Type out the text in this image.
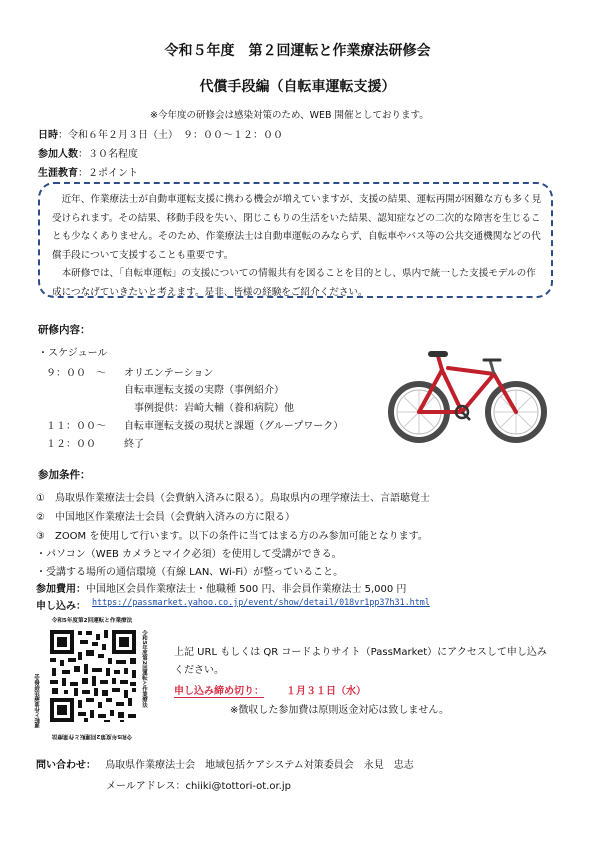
令和５年度　第２回運転と作業療法研修会
代償手段編（自転車運転支援）
※今年度の研修会は感染対策のため、WEB 開催としております。
日時：令和６年２月３日（土）　９：００～１２：００
参加人数：３０名程度
生涯教育：２ポイント
近年、作業療法士が自動車運転支援に携わる機会が増えていますが、支援の結果、運転再開が困難な方も多く見受けられます。その結果、移動手段を失い、閉じこもりの生活をいた結果、認知症などの二次的な障害を生じることも少なくありません。そのため、作業療法士は自動車運転のみならず、自転車やバス等の公共交通機関などの代償手段について支援することも重要です。
本研修では、「自転車運転」の支援についての情報共有を図ることを目的とし、県内で統一した支援モデルの作成につなげていきたいと考えます。是非、皆様の経験をご紹介ください。
研修内容：
・スケジュール
９：００　～ オリエンテーション
自転車運転支援の実際（事例紹介）
事例提供：岩崎大輔（養和病院）他
１１：００～ 自転車運転支援の現状と課題（グループワーク）
１２：００	終了
参加条件：
①　鳥取県作業療法士会員（会費納入済みに限る）。鳥取県内の理学療法士、言語聴覚士
②　中国地区作業療法士会員（会費納入済みの方に限る）
③　ZOOM を使用して行います。以下の条件に当てはまる方のみ参加可能となります。
・パソコン（WEB カメラとマイク必須）を使用して受講ができる。
・受講する場所の通信環境（有線 LAN、Wi-Fi）が整っていること。
参加費用：中国地区会員作業療法士・他職種 500 円、非会員作業療法士 5,000 円
申し込み： https://passmarket.yahoo.co.jp/event/show/detail/018vr1pp37h31.html
令和5年度第2回運転と作業療法
令和5年度第2回運転と作業療法
運転と作業療法研修会
令和5年度第2回運転と作業療法
上記 URL もしくは QR コードよりサイト（PassMarket）にアクセスして申し込みください。
申し込み締め切り： １月３１日（水）
※徴収した参加費は原則返金対応は致しません。
問い合わせ： 鳥取県作業療法士会　地域包括ケアシステム対策委員会　永見　忠志
メールアドレス：chiiki@tottori-ot.or.jp
